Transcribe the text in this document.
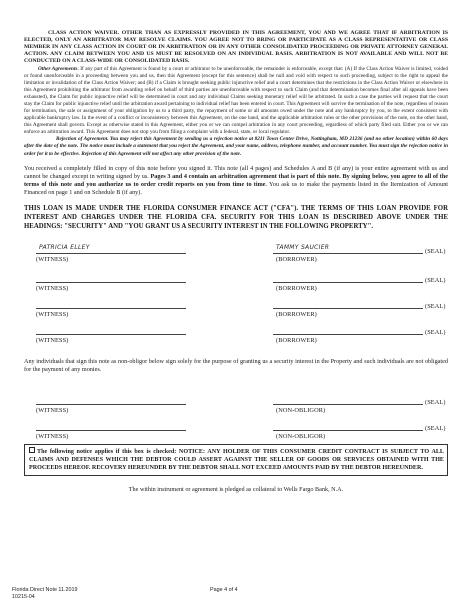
CLASS ACTION WAIVER. OTHER THAN AS EXPRESSLY PROVIDED IN THIS AGREEMENT, YOU AND WE AGREE THAT IF ARBITRATION IS ELECTED, ONLY AN ARBITRATOR MAY RESOLVE CLAIMS. YOU AGREE NOT TO BRING OR PARTICIPATE AS A CLASS REPRESENTATIVE OR CLASS MEMBER IN ANY CLASS ACTION IN COURT OR IN ARBITRATION OR IN ANY OTHER CONSOLIDATED PROCEEDING OR PRIVATE ATTORNEY GENERAL ACTION. ANY CLAIM BETWEEN YOU AND US MUST BE RESOLVED ON AN INDIVIDUAL BASIS. ARBITRATION IS NOT AVAILABLE AND WILL NOT BE CONDUCTED ON A CLASS-WIDE OR CONSOLIDATED BASIS.

Other Agreements. If any part of this Agreement is found by a court or arbitrator to be unenforceable, the remainder is enforceable, except that: (A) If the Class Action Waiver is limited, voided or found unenforceable in a proceeding between you and us, then this Agreement (except for this sentence) shall be null and void with respect to such proceeding, subject to the right to appeal the limitation or invalidation of the Class Action Waiver; and (B) if a Claim is brought seeking public injunctive relief and a court determines that the restrictions in the Class Action Waiver or elsewhere in this Agreement prohibiting the arbitrator from awarding relief on behalf of third parties are unenforceable with respect to such Claim (and that determination becomes final after all appeals have been exhausted), the Claim for public injunctive relief will be determined in court and any individual Claims seeking monetary relief will be arbitrated. In such a case the parties will request that the court stay the Claim for public injunctive relief until the arbitration award pertaining to individual relief has been entered in court. This Agreement will survive the termination of the note, regardless of reason for termination, the sale or assignment of your obligation by us to a third party, the repayment of some or all amounts owed under the note and any bankruptcy by you, to the extent consistent with applicable bankruptcy law. In the event of a conflict or inconsistency between this Agreement, on the one hand, and the applicable arbitration rules or the other provisions of the note, on the other hand, this Agreement shall govern. Except as otherwise stated in this Agreement, either you or we can compel arbitration in any court proceeding, regardless of which party filed suit. Either you or we can enforce an arbitration award. This Agreement does not stop you from filing a complaint with a federal, state, or local regulator.

Rejection of Agreement. You may reject this Agreement by sending us a rejection notice at 8211 Town Center Drive, Nottingham, MD 21236 (and no other location) within 60 days after the date of the note. The notice must include a statement that you reject the Agreement, and your name, address, telephone number, and account number. You must sign the rejection notice in order for it to be effective. Rejection of this Agreement will not affect any other provision of the note.

You received a completely filled in copy of this note before you signed it. This note (all 4 pages) and Schedules A and B (if any) is your entire agreement with us and cannot be changed except in writing signed by us. Pages 3 and 4 contain an arbitration agreement that is part of this note. By signing below, you agree to all of the terms of this note and you authorize us to order credit reports on you from time to time. You ask us to make the payments listed in the Itemization of Amount Financed on page 1 and on Schedule B (if any).

THIS LOAN IS MADE UNDER THE FLORIDA CONSUMER FINANCE ACT ("CFA"). THE TERMS OF THIS LOAN PROVIDE FOR INTEREST AND CHARGES UNDER THE FLORIDA CFA. SECURITY FOR THIS LOAN IS DESCRIBED ABOVE UNDER THE HEADINGS: "SECURITY" AND "YOU GRANT US A SECURITY INTEREST IN THE FOLLOWING PROPERTY".

PATRICIA ELLEY
(WITNESS)
TAMMY SAUCIER
(SEAL)
(BORROWER)
(WITNESS)
(SEAL)
(BORROWER)
(WITNESS)
(SEAL)
(BORROWER)
(WITNESS)
(SEAL)
(BORROWER)

Any individuals that sign this note as non-obligor below sign solely for the purpose of granting us a security interest in the Property and such individuals are not obligated for the payment of any monies.

(WITNESS)
(SEAL)
(NON-OBLIGOR)
(WITNESS)
(SEAL)
(NON-OBLIGOR)
The following notice applies if this box is checked: NOTICE: ANY HOLDER OF THIS CONSUMER CREDIT CONTRACT IS SUBJECT TO ALL CLAIMS AND DEFENSES WHICH THE DEBTOR COULD ASSERT AGAINST THE SELLER OF GOODS OR SERVICES OBTAINED WITH THE PROCEEDS HEREOF. RECOVERY HEREUNDER BY THE DEBTOR SHALL NOT EXCEED AMOUNTS PAID BY THE DEBTOR HEREUNDER.

The within instrument or agreement is pledged as collateral to Wells Fargo Bank, N.A.

Florida Direct Note 11.2019
10215-04
Page 4 of 4
